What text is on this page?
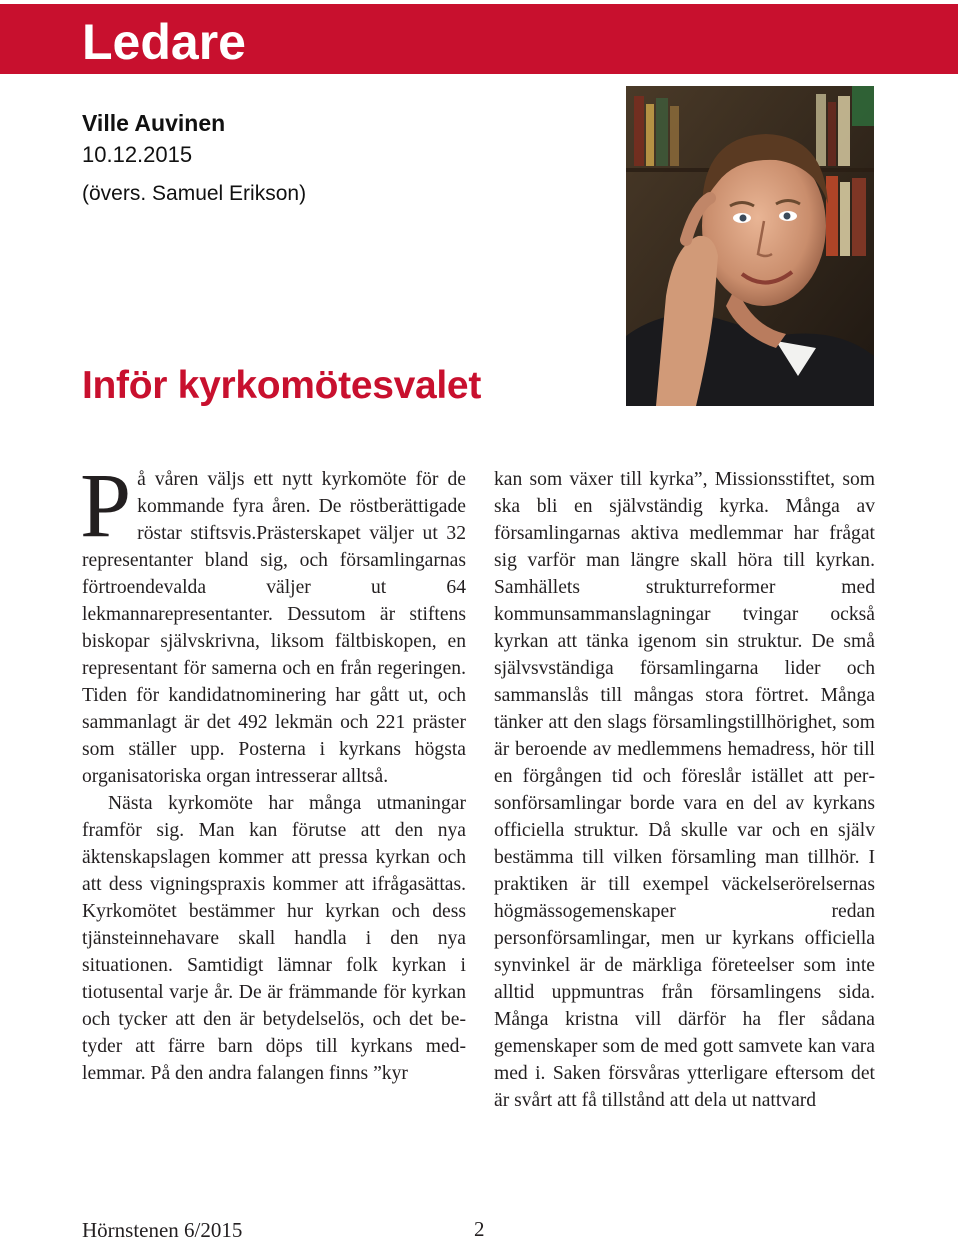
Ledare

Ville Auvinen

10.12.2015

(övers. Samuel Erikson)

Inför kyrkomötesvalet

På våren väljs ett nytt kyrkomöte för de kommande fyra åren. De röstberättigade röstar stiftsvis.Prästerskapet väljer ut 32 representanter bland sig, och församlingarnas förtroendevalda väljer ut 64 lekmannarepresentanter. Dessutom är stiftens biskopar självskrivna, liksom fältbiskopen, en representant för samerna och en från regeringen. Tiden för kandidatnominering har gått ut, och sammanlagt är det 492 lekmän och 221 präster som ställer upp. Posterna i kyrkans högsta organisatoriska organ intresserar alltså.

Nästa kyrkomöte har många utmaningar framför sig. Man kan förutse att den nya äktenskapslagen kommer att pressa kyrkan och att dess vigningspraxis kommer att ifrågasättas. Kyrkomötet bestämmer hur kyrkan och dess tjänsteinnehavare skall handla i den nya situationen. Samtidigt lämnar folk kyrkan i tiotusental varje år. De är främmande för kyrkan och tycker att den är betydelselös, och det betyder att färre barn döps till kyrkans medlemmar. På den andra falangen finns ”kyr

kan som växer till kyrka”, Missionsstiftet, som ska bli en självständig kyrka. Många av församlingarnas aktiva medlemmar har frågat sig varför man längre skall höra till kyrkan. Samhällets strukturreformer med kommunsammanslagningar tvingar också kyrkan att tänka igenom sin struktur. De små självsvständiga församlingarna lider och sammanslås till mångas stora förtret. Många tänker att den slags församlingstillhörighet, som är beroende av medlemmens hemadress, hör till en förgången tid och föreslår istället att personförsamlingar borde vara en del av kyrkans officiella struktur. Då skulle var och en själv bestämma till vilken församling man tillhör. I praktiken är till exempel väckelserörelsernas högmässogemenskaper redan personförsamlingar, men ur kyrkans officiella synvinkel är de märkliga företeelser som inte alltid uppmuntras från församlingens sida. Många kristna vill därför ha fler sådana gemenskaper som de med gott samvete kan vara med i. Saken försvåras ytterligare eftersom det är svårt att få tillstånd att dela ut nattvard

Hörnstenen 6/2015	2
